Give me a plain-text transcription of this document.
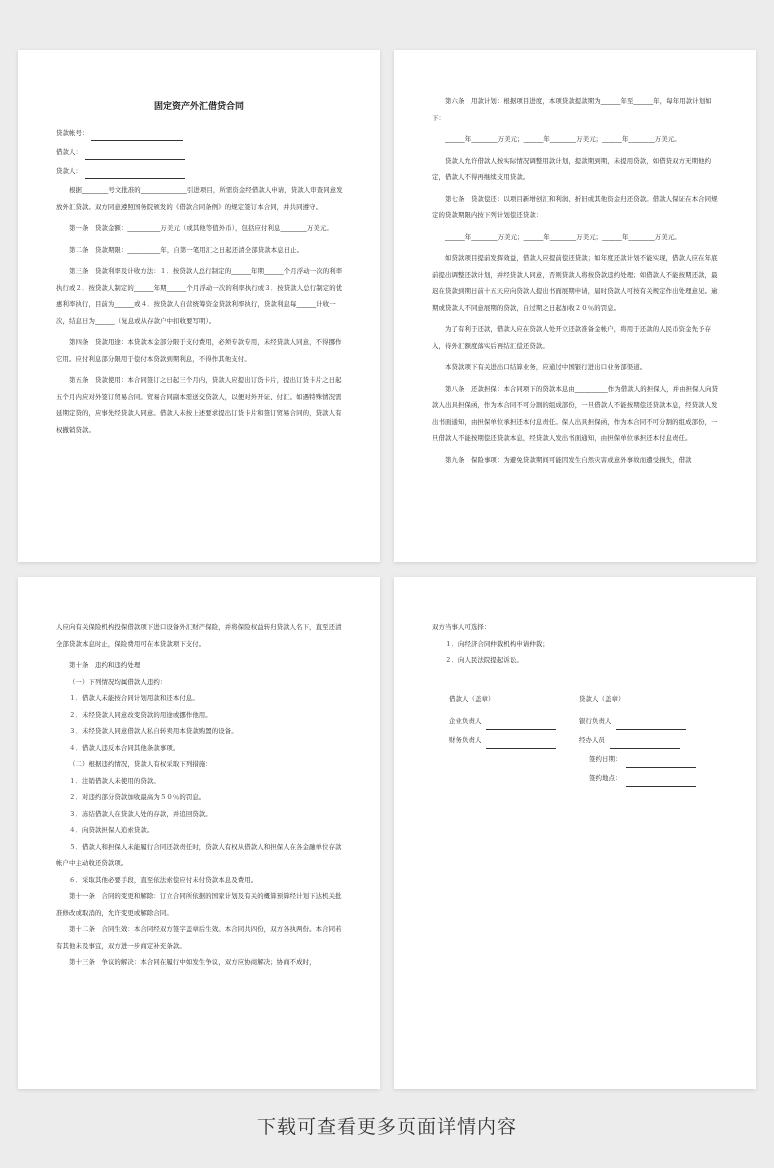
固定资产外汇借贷合同
贷款帐号：
借款人：
贷款人：

根据________号文批准的______________引进项目，所需资金经借款人申请，贷款人审查同意发放外汇贷款。双方同意遵照国务院颁发的《借款合同条例》的规定签订本合同，并共同遵守。

第一条　贷款金额：__________万美元（或其他等值外币），包括应付利息________万美元。

第二条　贷款期限：__________年，自第一笔用汇之日起还清全部贷款本息日止。

第三条　贷款利率及计收方法：１．按贷款人总行制定的______年期______个月浮动一次的利率执行或２．按贷款人制定的______年期______个月浮动一次的利率执行或３．按贷款人总行制定的优惠利率执行，目前为______或４．按贷款人自营统筹资金贷款利率执行，贷款利息每______计收一次，结息日为______（复息或从存款户中扣收要写明）。

第四条　贷款用途：本贷款本金部分限于支付费用，必须专款专用，未经贷款人同意，不得挪作它用。应付利息部分限用于偿付本贷款到期利息，不得作其他支付。

第五条　贷款使用：本合同签订之日起三个月内，贷款人应提出订货卡片，提出订货卡片之日起五个月内应对外签订贸易合同。贸易合同副本需送交贷款人，以便对外开证、付汇。如遇特殊情况需延期定贷的，应事先经贷款人同意。借款人未按上述要求提出订货卡片和签订贸易合同的，贷款人有权撤销贷款。

第六条　用款计划：根据项目进度，本项贷款提款期为______年至______年，每年用款计划如下：

______年________万美元；______年________万美元；______年________万美元。

贷款人允许借款人按实际情况调整用款计划，提款期到期，未提用贷款，如借贷双方无期他约定，借款人不得再继续支用贷款。

第七条　贷款偿还：以项目新增创汇和利润、折旧或其他资金归还贷款。借款人保证在本合同规定的贷款期限内按下列计划偿还贷款：

______年________万美元；______年________万美元；______年________万美元。

如贷款项目提前发挥效益，借款人应提前偿还贷款；如年度还款计划不能实现，借款人应在年底前提出调整还款计划，并经贷款人同意，否则贷款人将按贷款违约处理；如借款人不能按期还款，最迟在贷款到期日前十五天应向贷款人提出书面展期申请，届时贷款人可按有关规定作出处理意见。逾期或贷款人不同意展期的贷款，自过期之日起加收２０％的罚息。

为了有利于还款，借款人应在贷款人处开立还款准备金帐户，将用于还款的人民币资金先予存入，待外汇额度落实后再结汇偿还贷款。

本贷款项下有关进出口结算业务，应通过中国银行进出口业务部渠道。

第八条　还款担保：本合同项下的贷款本息由__________作为借款人的担保人，并由担保人向贷款人出具担保函，作为本合同不可分割的组成部份，一旦借款人不能按期偿还贷款本息，经贷款人发出书面通知，由担保单位承担还本付息责任。保人出具担保函，作为本合同不可分割的组成部份，一旦借款人不能按期偿还贷款本息，经贷款人发出书面通知，由担保单位承担还本付息责任。

第九条　保险事项：为避免贷款期间可能因发生自然灾害或意外事故而遭受损失，借款

人应向有关保险机构投保借款项下进口设备外汇财产保险，并将保险权益转归贷款人名下，直至还清全部贷款本息时止，保险费用可在本贷款项下支付。

第十条　违约和违约处理

（一）下列情况均属借款人违约：

１．借款人未能按合同计划用款和还本付息。

２．未经贷款人同意改变贷款的用途或挪作他用。

３．未经贷款人同意借款人私自转卖用本贷款购置的设备。

４．借款人违反本合同其他条款事项。

（二）根据违约情况，贷款人有权采取下列措施：

１．注销借款人未使用的贷款。

２．对违约部分贷款加收最高为５０％的罚息。

３．冻结借款人在贷款人处的存款，并追回贷款。

４．向贷款担保人追索贷款。

５．借款人和担保人未能履行合同还款责任时，贷款人有权从借款人和担保人在各金融单位存款帐户中主动收还贷款项。

６．采取其他必要手段，直至依法索偿应付未付贷款本息及费用。

第十一条　合同的变更和解除：订立合同所依据的国家计划及有关的概算预算经计划下达机关批准修改或取消的，允许变更或解除合同。

第十二条　合同生效：本合同经双方签字盖章后生效。本合同共四份，双方各执两份。本合同若有其他未及事宜，双方进一步商定补充条款。

第十三条　争议的解决：本合同在履行中如发生争议，双方应协商解决；协商不成时，

双方当事人可选择：

１．向经济合同仲裁机构申请仲裁；

２．向人民法院提起诉讼。

借款人（盖章）
企业负责人
财务负责人
贷款人（盖章）
银行负责人
经办人员
签约日期：
签约地点：
下载可查看更多页面详情内容
